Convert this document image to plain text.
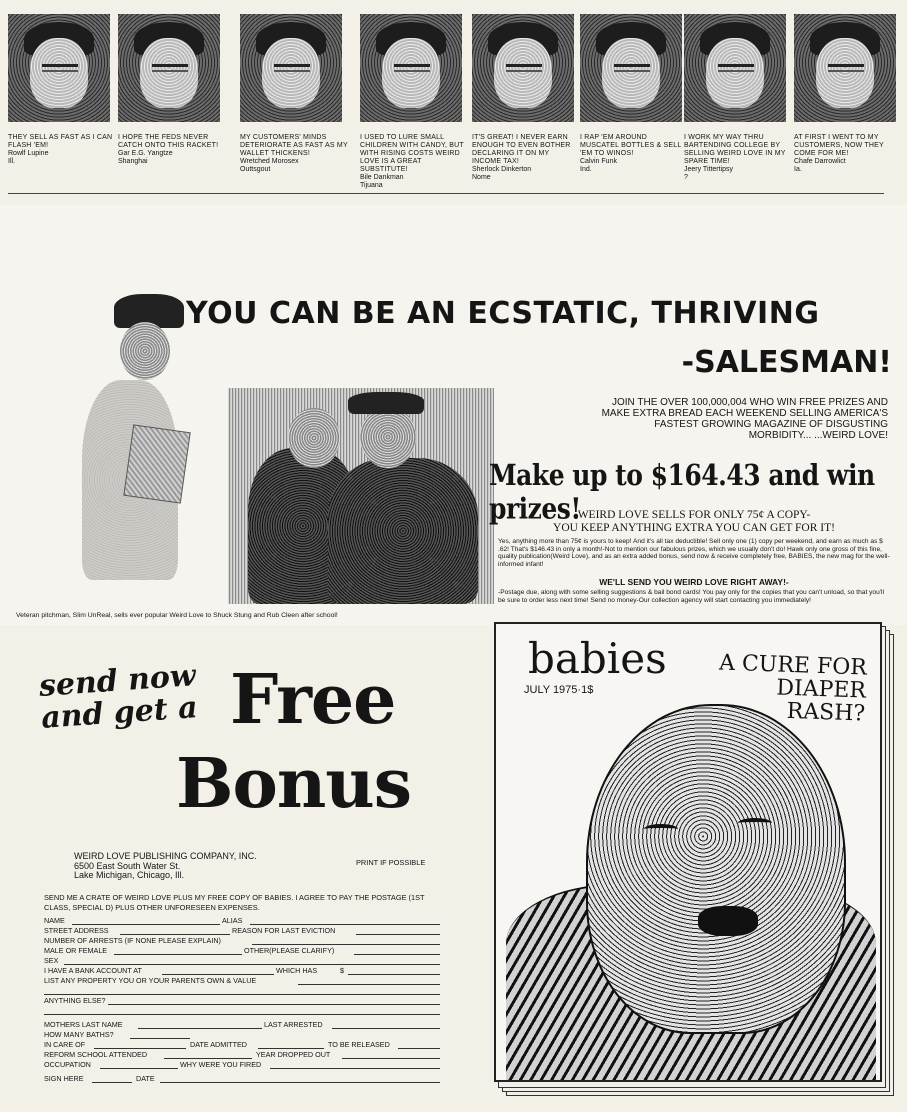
THEY SELL AS FAST AS I CAN FLASH 'EM!
Rowlf Lupine
Ill.
I HOPE THE FEDS NEVER CATCH ONTO THIS RACKET!
Gar E.G. Yangtze
Shanghai
MY CUSTOMERS' MINDS DETERIORATE AS FAST AS MY WALLET THICKENS!
Wretched Morosex
Outtsgout
I USED TO LURE SMALL CHILDREN WITH CANDY, BUT WITH RISING COSTS WEIRD LOVE IS A GREAT SUBSTITUTE!
Bile Dankman
Tijuana
IT'S GREAT! I NEVER EARN ENOUGH TO EVEN BOTHER DECLARING IT ON MY INCOME TAX!
Sherlock Dinkerton
Nome
I RAP 'EM AROUND MUSCATEL BOTTLES & SELL 'EM TO WINOS!
Calvin Funk
Ind.
I WORK MY WAY THRU BARTENDING COLLEGE BY SELLING WEIRD LOVE IN MY SPARE TIME!
Jeery Tittertipsy
?
AT FIRST I WENT TO MY CUSTOMERS, NOW THEY COME FOR ME!
Chafe Darrowlict
Ia.
YOU CAN BE AN ECSTATIC, THRIVING
-SALESMAN!
JOIN THE OVER 100,000,004 WHO WIN FREE PRIZES AND MAKE EXTRA BREAD EACH WEEKEND SELLING AMERICA'S FASTEST GROWING MAGAZINE OF DISGUSTING MORBIDITY... ...WEIRD LOVE!
Make up to $164.43 and win prizes!
WEIRD LOVE SELLS FOR ONLY 75¢ A COPY-
YOU KEEP ANYTHING EXTRA YOU CAN GET FOR IT!
Yes, anything more than 75¢ is yours to keep! And it's all tax deductible! Sell only one (1) copy per weekend, and earn as much as $ .62! That's $146.43 in only a month!-Not to mention our fabulous prizes, which we usually don't do! Hawk only one gross of this fine, quality publication(Weird Love), and as an extra added bonus, send now & receive completely free, BABIES, the new mag for the well-informed infant!
WE'LL SEND YOU WEIRD LOVE RIGHT AWAY!-
-Postage due, along with some selling suggestions & bail bond cards! You pay only for the copies that you can't unload, so that you'll be sure to order less next time! Send no money-Our collection agency will start contacting you immediately!
Veteran pitchman, Slim UnReal, sells ever popular Weird Love to Shuck Stung and Rub Cleen after school!
send now and get a Free
Bonus
WEIRD LOVE PUBLISHING COMPANY, INC.
6500 East South Water St.
Lake Michigan, Chicago, Ill.
PRINT IF POSSIBLE
SEND ME A CRATE OF WEIRD LOVE PLUS MY FREE COPY OF BABIES. I AGREE TO PAY THE POSTAGE (1ST CLASS, SPECIAL D) PLUS OTHER UNFORESEEN EXPENSES.
NAME	ALIAS
STREET ADDRESS	REASON FOR LAST EVICTION
NUMBER OF ARRESTS (IF NONE PLEASE EXPLAIN)
MALE OR FEMALE	OTHER(PLEASE CLARIFY)
SEX
I HAVE A BANK ACCOUNT AT	WHICH HAS	$
LIST ANY PROPERTY YOU OR YOUR PARENTS OWN & VALUE
ANYTHING ELSE?
MOTHERS LAST NAME	LAST ARRESTED
HOW MANY BATHS?
IN CARE OF	DATE ADMITTED	TO BE RELEASED
REFORM SCHOOL ATTENDED	YEAR DROPPED OUT
OCCUPATION	WHY WERE YOU FIRED
SIGN HERE	DATE
babies
JULY 1975·1$
A CURE FOR DIAPER RASH?
